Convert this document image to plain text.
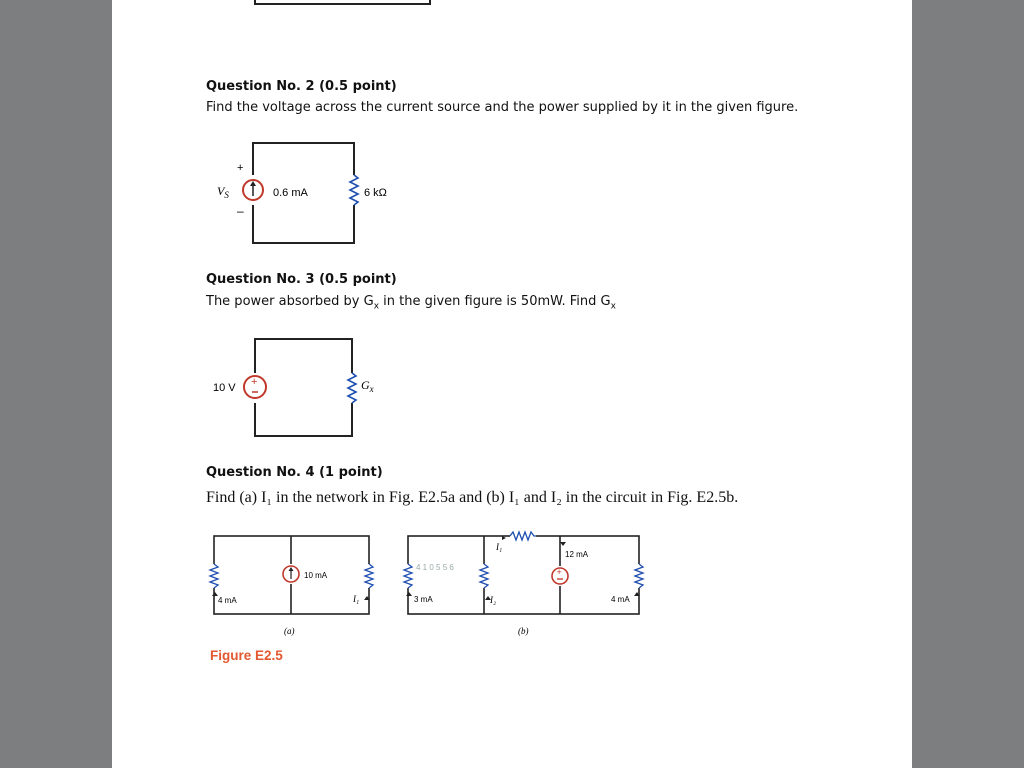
Question No. 2 (0.5 point)
Find the voltage across the current source and the power supplied by it in the given figure.
+
–
$V_S$	0.6 mA	6 kΩ
Question No. 3 (0.5 point)
The power absorbed by $G_x$ in the given figure is 50mW. Find $G_x$
+
10 V	$G_x$
Question No. 4 (1 point)
Find (a) I₁ in the network in Fig. E2.5a and (b) I₁ and I₂ in the circuit in Fig. E2.5b.
4 mA
10 mA
I₁
(a)
4 1 0 5 5 6
3 mA	I₂
I₁
12 mA
+
4 mA
(b)
Figure E2.5
